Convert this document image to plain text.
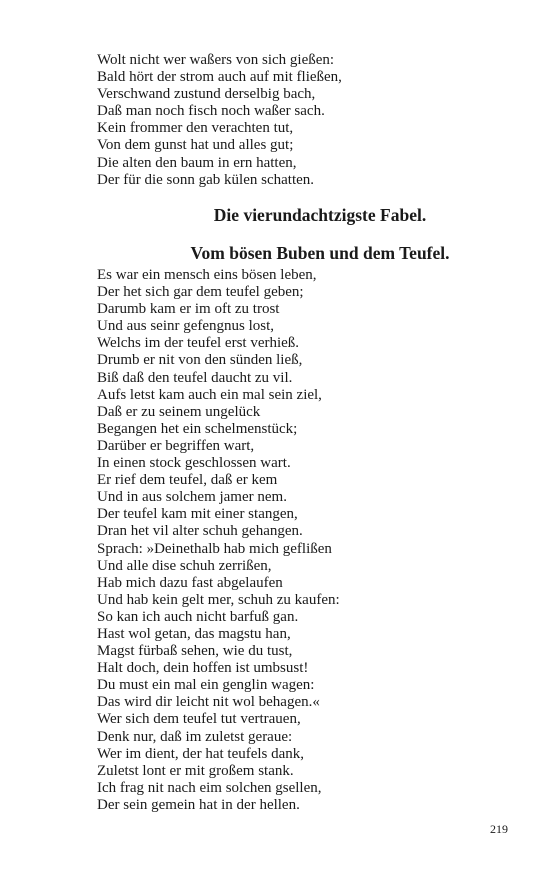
Wolt nicht wer waßers von sich gießen:
Bald hört der strom auch auf mit fließen,
Verschwand zustund derselbig bach,
Daß man noch fisch noch waßer sach.
Kein frommer den verachten tut,
Von dem gunst hat und alles gut;
Die alten den baum in ern hatten,
Der für die sonn gab külen schatten.
Die vierundachtzigste Fabel.
Vom bösen Buben und dem Teufel.
Es war ein mensch eins bösen leben,
Der het sich gar dem teufel geben;
Darumb kam er im oft zu trost
Und aus seinr gefengnus lost,
Welchs im der teufel erst verhieß.
Drumb er nit von den sünden ließ,
Biß daß den teufel daucht zu vil.
Aufs letst kam auch ein mal sein ziel,
Daß er zu seinem ungelück
Begangen het ein schelmenstück;
Darüber er begriffen wart,
In einen stock geschlossen wart.
Er rief dem teufel, daß er kem
Und in aus solchem jamer nem.
Der teufel kam mit einer stangen,
Dran het vil alter schuh gehangen.
Sprach: »Deinethalb hab mich geflißen
Und alle dise schuh zerrißen,
Hab mich dazu fast abgelaufen
Und hab kein gelt mer, schuh zu kaufen:
So kan ich auch nicht barfuß gan.
Hast wol getan, das magstu han,
Magst fürbaß sehen, wie du tust,
Halt doch, dein hoffen ist umbsust!
Du must ein mal ein genglin wagen:
Das wird dir leicht nit wol behagen.«
Wer sich dem teufel tut vertrauen,
Denk nur, daß im zuletst geraue:
Wer im dient, der hat teufels dank,
Zuletst lont er mit großem stank.
Ich frag nit nach eim solchen gsellen,
Der sein gemein hat in der hellen.
219
